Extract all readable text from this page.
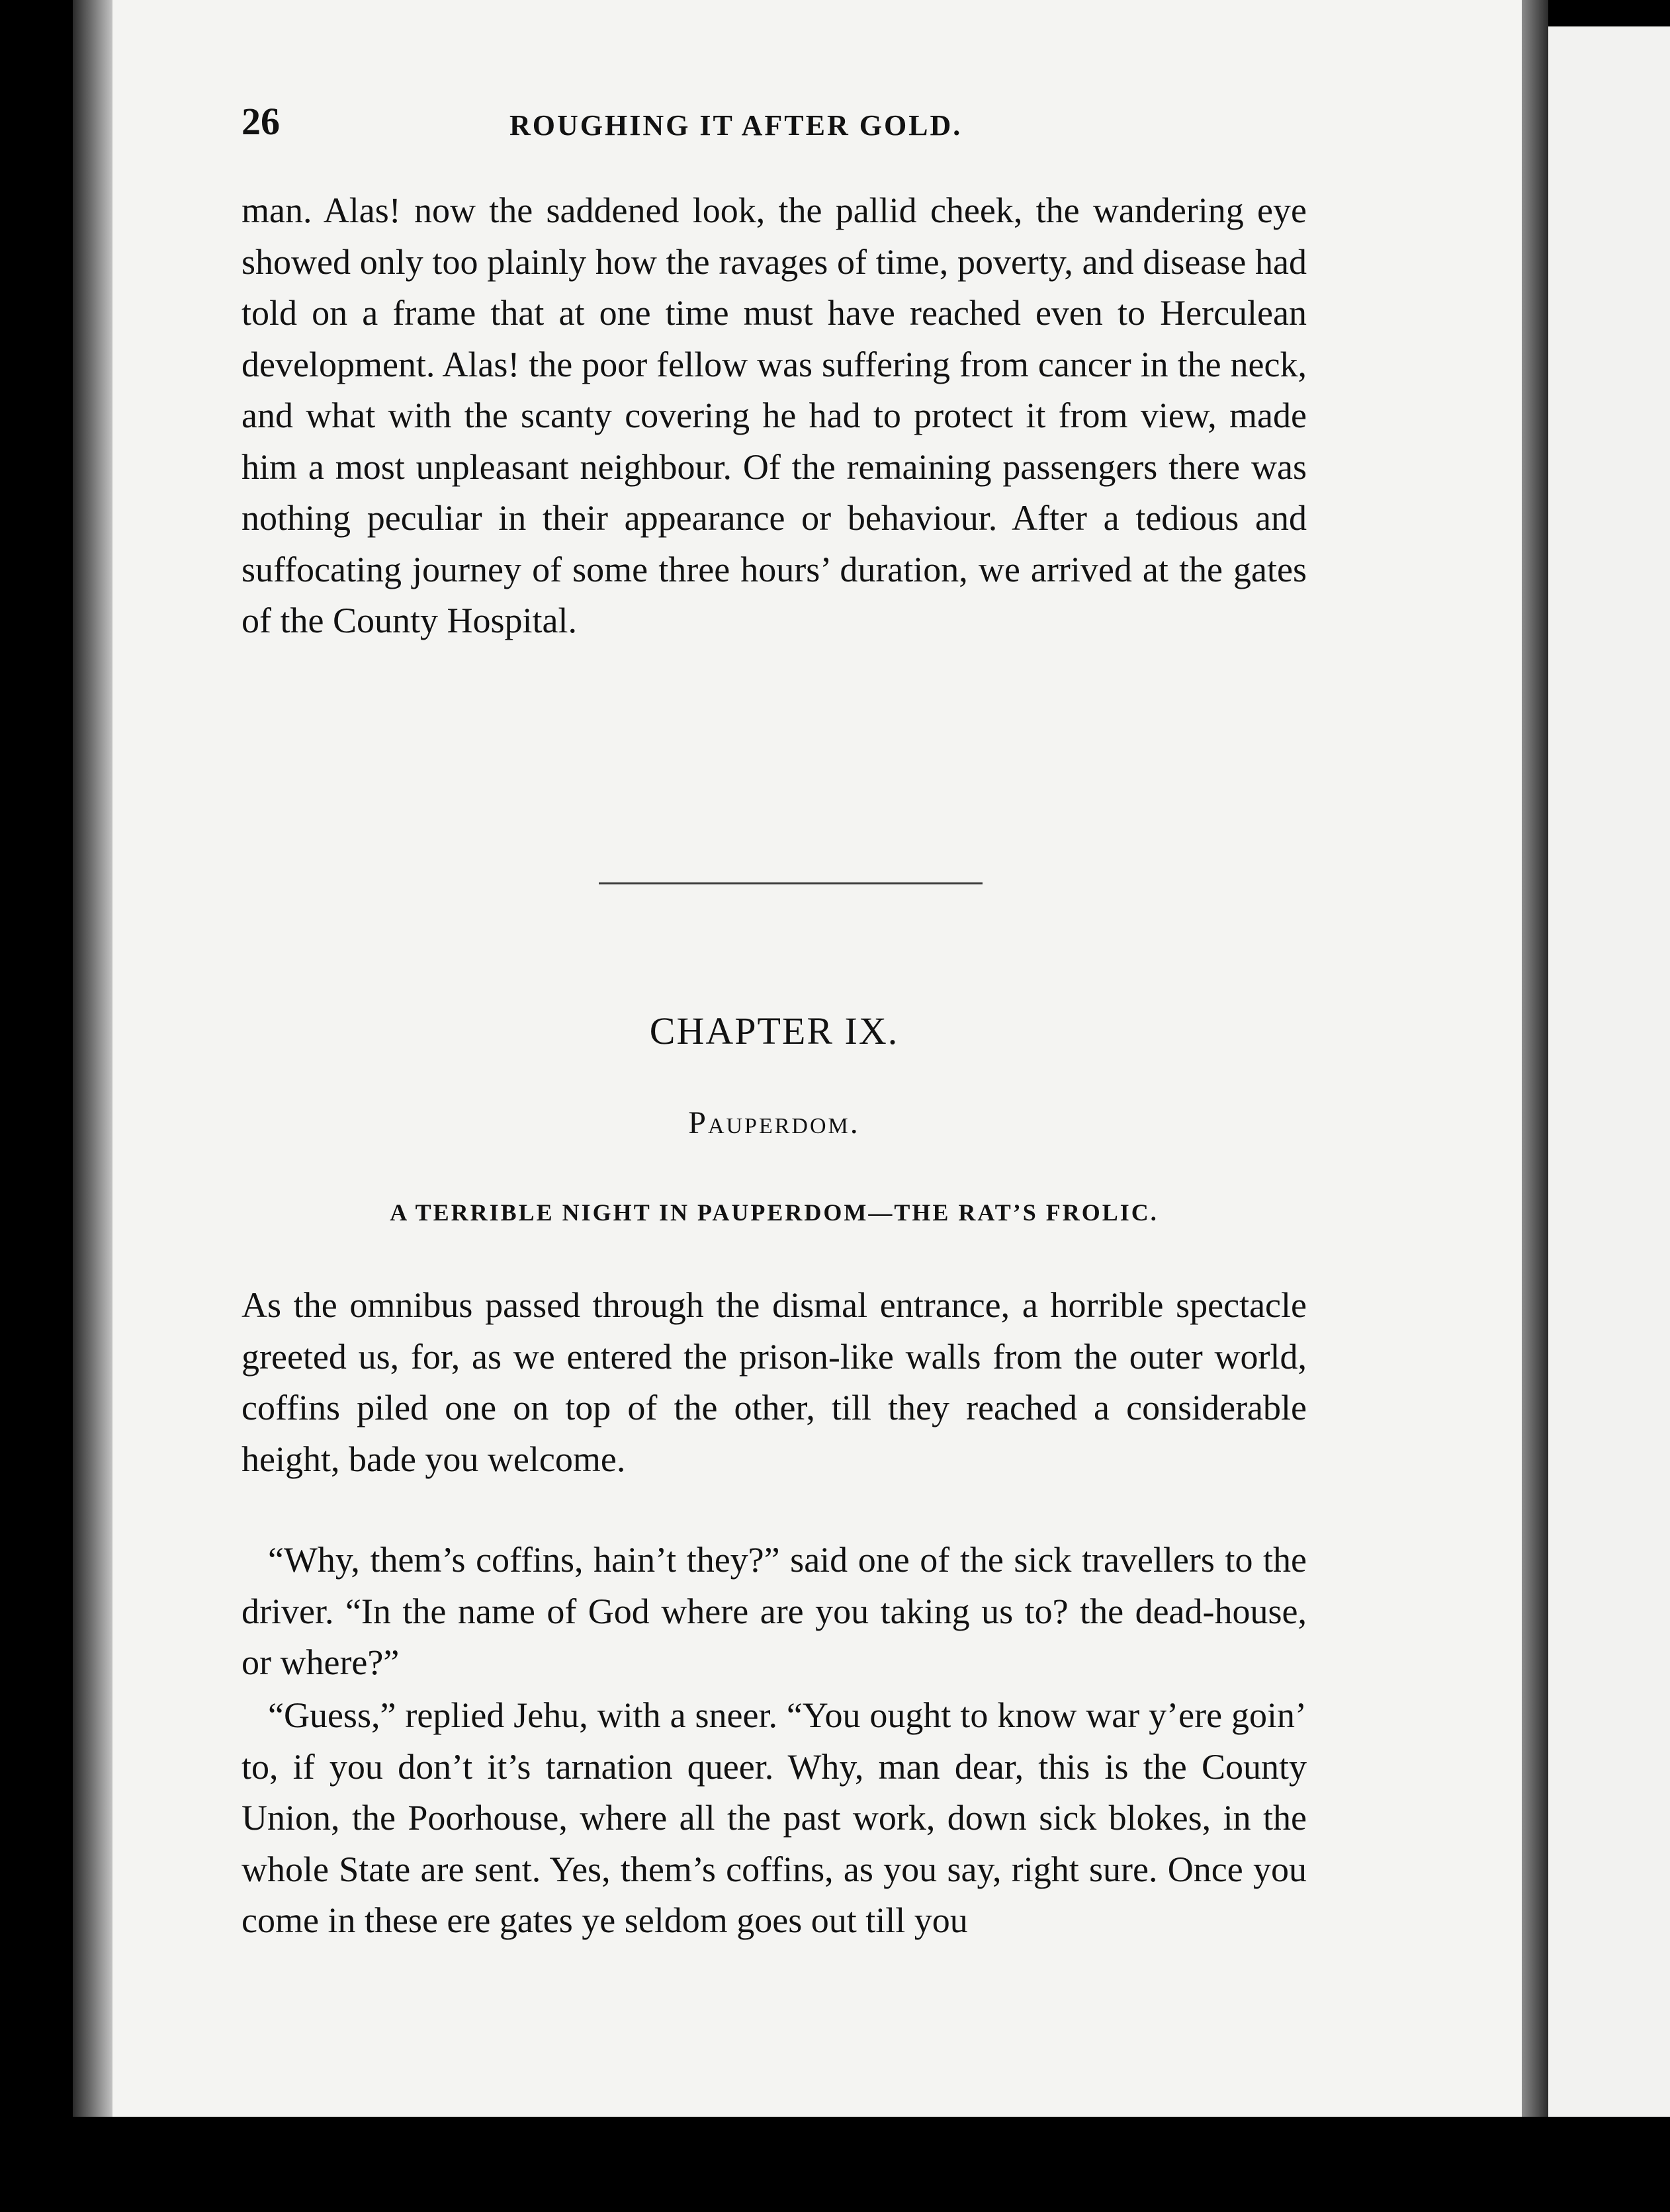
26	ROUGHING IT AFTER GOLD.

man. Alas! now the saddened look, the pallid cheek, the wandering eye showed only too plainly how the ravages of time, poverty, and disease had told on a frame that at one time must have reached even to Herculean development. Alas! the poor fellow was suffering from cancer in the neck, and what with the scanty covering he had to protect it from view, made him a most unpleasant neighbour. Of the remaining passengers there was nothing peculiar in their appearance or behaviour. After a tedious and suffocating journey of some three hours’ duration, we arrived at the gates of the County Hospital.

CHAPTER IX.
Pauperdom.
A TERRIBLE NIGHT IN PAUPERDOM—THE RAT’S FROLIC.

As the omnibus passed through the dismal entrance, a horrible spectacle greeted us, for, as we entered the prison-like walls from the outer world, coffins piled one on top of the other, till they reached a considerable height, bade you welcome.

“Why, them’s coffins, hain’t they?” said one of the sick travellers to the driver. “In the name of God where are you taking us to? the dead-house, or where?”

“Guess,” replied Jehu, with a sneer. “You ought to know war y’ere goin’ to, if you don’t it’s tarnation queer. Why, man dear, this is the County Union, the Poorhouse, where all the past work, down sick blokes, in the whole State are sent. Yes, them’s coffins, as you say, right sure. Once you come in these ere gates ye seldom goes out till you
